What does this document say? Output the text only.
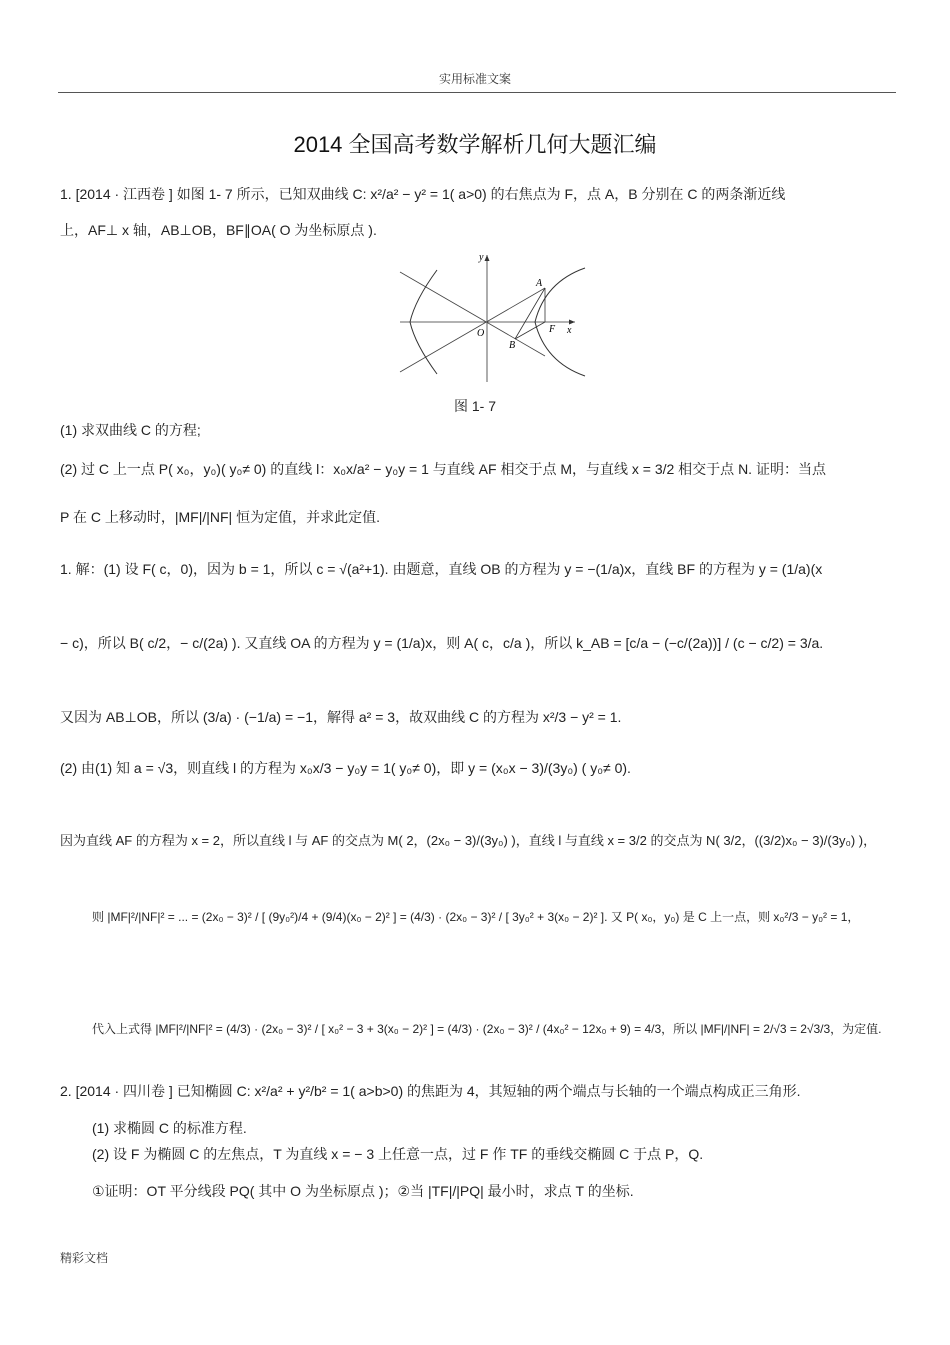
实用标准文案
2014 全国高考数学解析几何大题汇编
1. [2014 · 江西卷 ] 如图 1- 7 所示，已知双曲线 C: x²/a² − y² = 1( a>0) 的右焦点为 F，点 A，B 分别在 C 的两条渐近线
上，AF⊥ x 轴，AB⊥OB，BF∥OA( O 为坐标原点 ).
(1) 求双曲线 C 的方程;
(2) 过 C 上一点 P( x₀，y₀)( y₀≠ 0) 的直线 l：x₀x/a² − y₀y = 1 与直线 AF 相交于点 M，与直线 x = 3/2 相交于点 N. 证明：当点
P 在 C 上移动时，|MF|/|NF| 恒为定值，并求此定值.
1. 解：(1) 设 F( c，0)，因为 b = 1，所以 c = √(a²+1). 由题意，直线 OB 的方程为 y = −(1/a)x，直线 BF 的方程为 y = (1/a)(x
− c)，所以 B( c/2，− c/(2a) ). 又直线 OA 的方程为 y = (1/a)x，则 A( c，c/a )，所以 k_AB = [c/a − (−c/(2a))] / (c − c/2) = 3/a.
又因为 AB⊥OB，所以 (3/a) · (−1/a) = −1，解得 a² = 3，故双曲线 C 的方程为 x²/3 − y² = 1.
(2) 由(1) 知 a = √3，则直线 l 的方程为 x₀x/3 − y₀y = 1( y₀≠ 0)，即 y = (x₀x − 3)/(3y₀) ( y₀≠ 0).
因为直线 AF 的方程为 x = 2，所以直线 l 与 AF 的交点为 M( 2，(2x₀ − 3)/(3y₀) )，直线 l 与直线 x = 3/2 的交点为 N( 3/2，((3/2)x₀ − 3)/(3y₀) )，
则 |MF|²/|NF|² = ... = (2x₀ − 3)² / [ (9y₀²)/4 + (9/4)(x₀ − 2)² ] = (4/3) · (2x₀ − 3)² / [ 3y₀² + 3(x₀ − 2)² ]. 又 P( x₀，y₀) 是 C 上一点，则 x₀²/3 − y₀² = 1，
代入上式得 |MF|²/|NF|² = (4/3) · (2x₀ − 3)² / [ x₀² − 3 + 3(x₀ − 2)² ] = (4/3) · (2x₀ − 3)² / (4x₀² − 12x₀ + 9) = 4/3，所以 |MF|/|NF| = 2/√3 = 2√3/3，为定值.
2. [2014 · 四川卷 ] 已知椭圆 C: x²/a² + y²/b² = 1( a>b>0) 的焦距为 4，其短轴的两个端点与长轴的一个端点构成正三角形.
(1) 求椭圆 C 的标准方程.
(2) 设 F 为椭圆 C 的左焦点，T 为直线 x = − 3 上任意一点，过 F 作 TF 的垂线交椭圆 C 于点 P，Q.
①证明：OT 平分线段 PQ( 其中 O 为坐标原点 )；②当 |TF|/|PQ| 最小时，求点 T 的坐标.
y
x
O
A
B
F
图 1- 7
精彩文档
